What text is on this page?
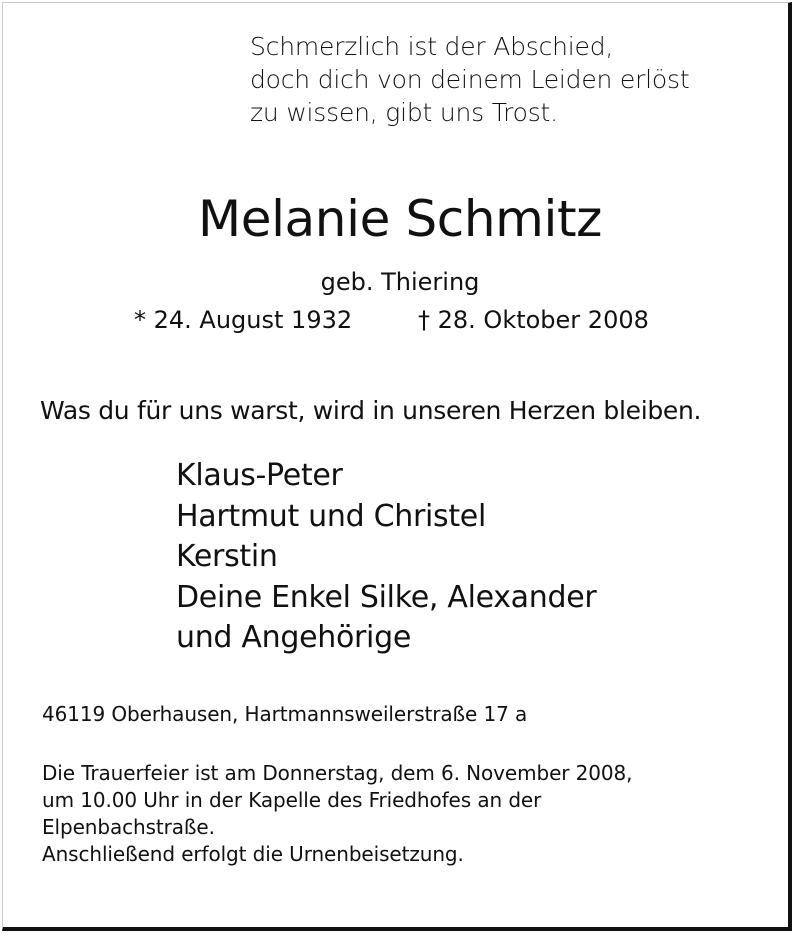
Schmerzlich ist der Abschied,
doch dich von deinem Leiden erlöst
zu wissen, gibt uns Trost.
Melanie Schmitz
geb. Thiering
* 24. August 1932	† 28. Oktober 2008
Was du für uns warst, wird in unseren Herzen bleiben.
Klaus-Peter
Hartmut und Christel
Kerstin
Deine Enkel Silke, Alexander
und Angehörige
46119 Oberhausen, Hartmannsweilerstraße 17 a
Die Trauerfeier ist am Donnerstag, dem 6. November 2008,
um 10.00 Uhr in der Kapelle des Friedhofes an der
Elpenbachstraße.
Anschließend erfolgt die Urnenbeisetzung.
